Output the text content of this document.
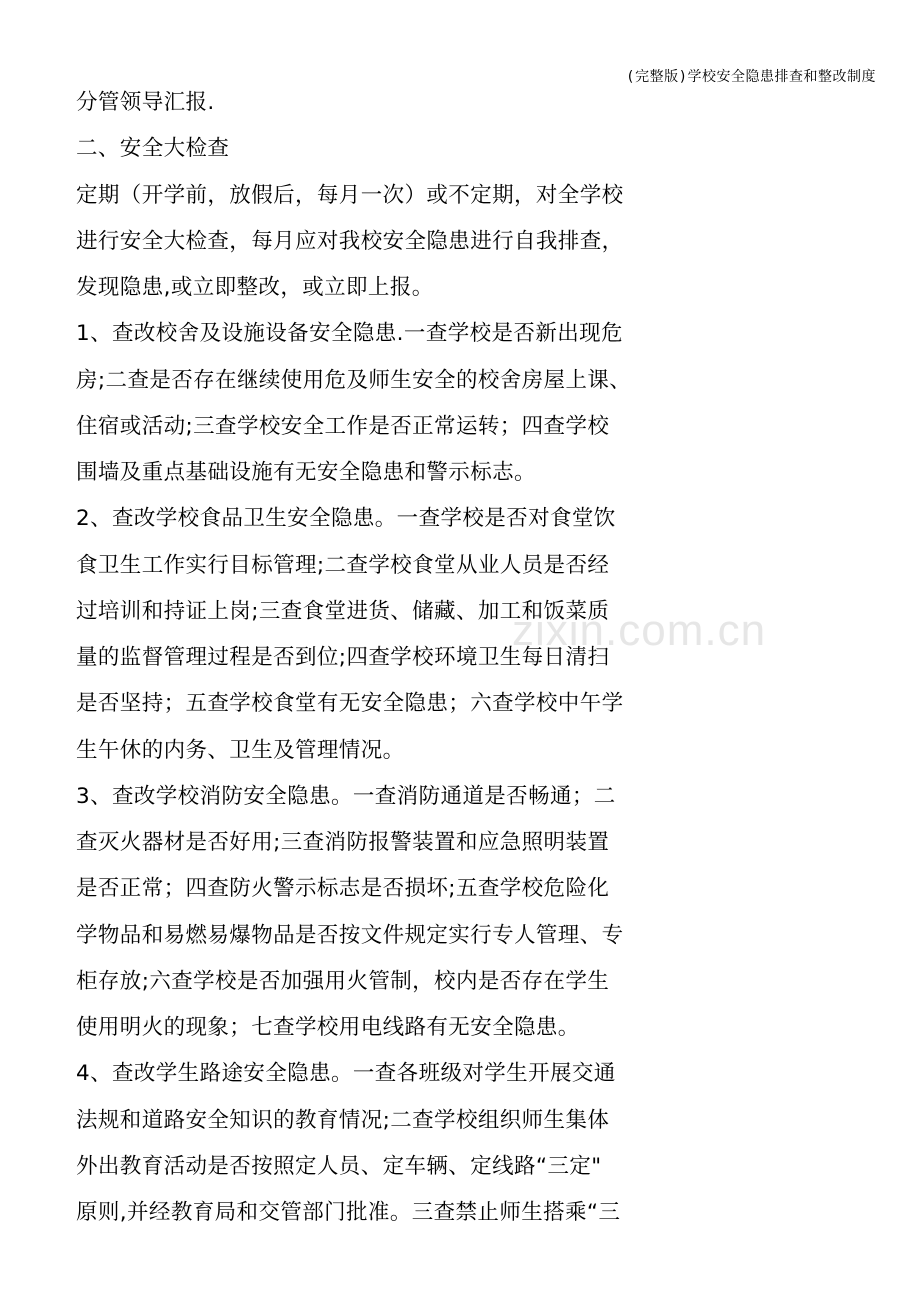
(完整版)学校安全隐患排查和整改制度
zixin.com.cn
分管领导汇报.
二、安全大检查
定期（开学前，放假后，每月一次）或不定期，对全学校
进行安全大检查，每月应对我校安全隐患进行自我排查，
发现隐患,或立即整改，或立即上报。
1、查改校舍及设施设备安全隐患.一查学校是否新出现危
房;二查是否存在继续使用危及师生安全的校舍房屋上课、
住宿或活动;三查学校安全工作是否正常运转；四查学校
围墙及重点基础设施有无安全隐患和警示标志。
2、查改学校食品卫生安全隐患。一查学校是否对食堂饮
食卫生工作实行目标管理;二查学校食堂从业人员是否经
过培训和持证上岗;三查食堂进货、储藏、加工和饭菜质
量的监督管理过程是否到位;四查学校环境卫生每日清扫
是否坚持；五查学校食堂有无安全隐患；六查学校中午学
生午休的内务、卫生及管理情况。
3、查改学校消防安全隐患。一查消防通道是否畅通；二
查灭火器材是否好用;三查消防报警装置和应急照明装置
是否正常；四查防火警示标志是否损坏;五查学校危险化
学物品和易燃易爆物品是否按文件规定实行专人管理、专
柜存放;六查学校是否加强用火管制，校内是否存在学生
使用明火的现象；七查学校用电线路有无安全隐患。
4、查改学生路途安全隐患。一查各班级对学生开展交通
法规和道路安全知识的教育情况;二查学校组织师生集体
外出教育活动是否按照定人员、定车辆、定线路“三定"
原则,并经教育局和交管部门批准。三查禁止师生搭乘“三
